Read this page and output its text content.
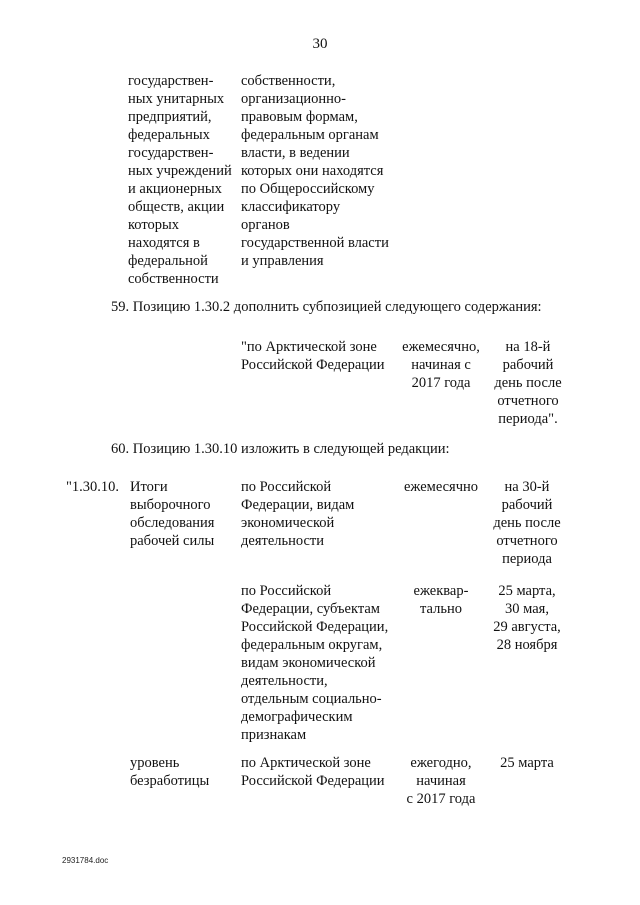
30
государствен-
ных унитарных
предприятий,
федеральных
государствен-
ных учреждений
и акционерных
обществ, акции
которых
находятся в
федеральной
собственности
собственности,
организационно-
правовым формам,
федеральным органам
власти, в ведении
которых они находятся
по Общероссийскому
классификатору
органов
государственной власти
и управления
59. Позицию 1.30.2 дополнить субпозицией следующего содержания:
"по Арктической зоне
Российской Федерации
ежемесячно,
начиная с
2017 года
на 18-й
рабочий
день после
отчетного
периода".
60. Позицию 1.30.10 изложить в следующей редакции:
"1.30.10. Итоги
выборочного
обследования
рабочей силы
по Российской
Федерации, видам
экономической
деятельности
ежемесячно	на 30-й
рабочий
день после
отчетного
периода
по Российской
Федерации, субъектам
Российской Федерации,
федеральным округам,
видам экономической
деятельности,
отдельным социально-
демографическим
признакам
ежеквар-
тально
25 марта,
30 мая,
29 августа,
28 ноября
уровень
безработицы
по Арктической зоне
Российской Федерации
ежегодно,
начиная
с 2017 года
25 марта
2931784.doc
